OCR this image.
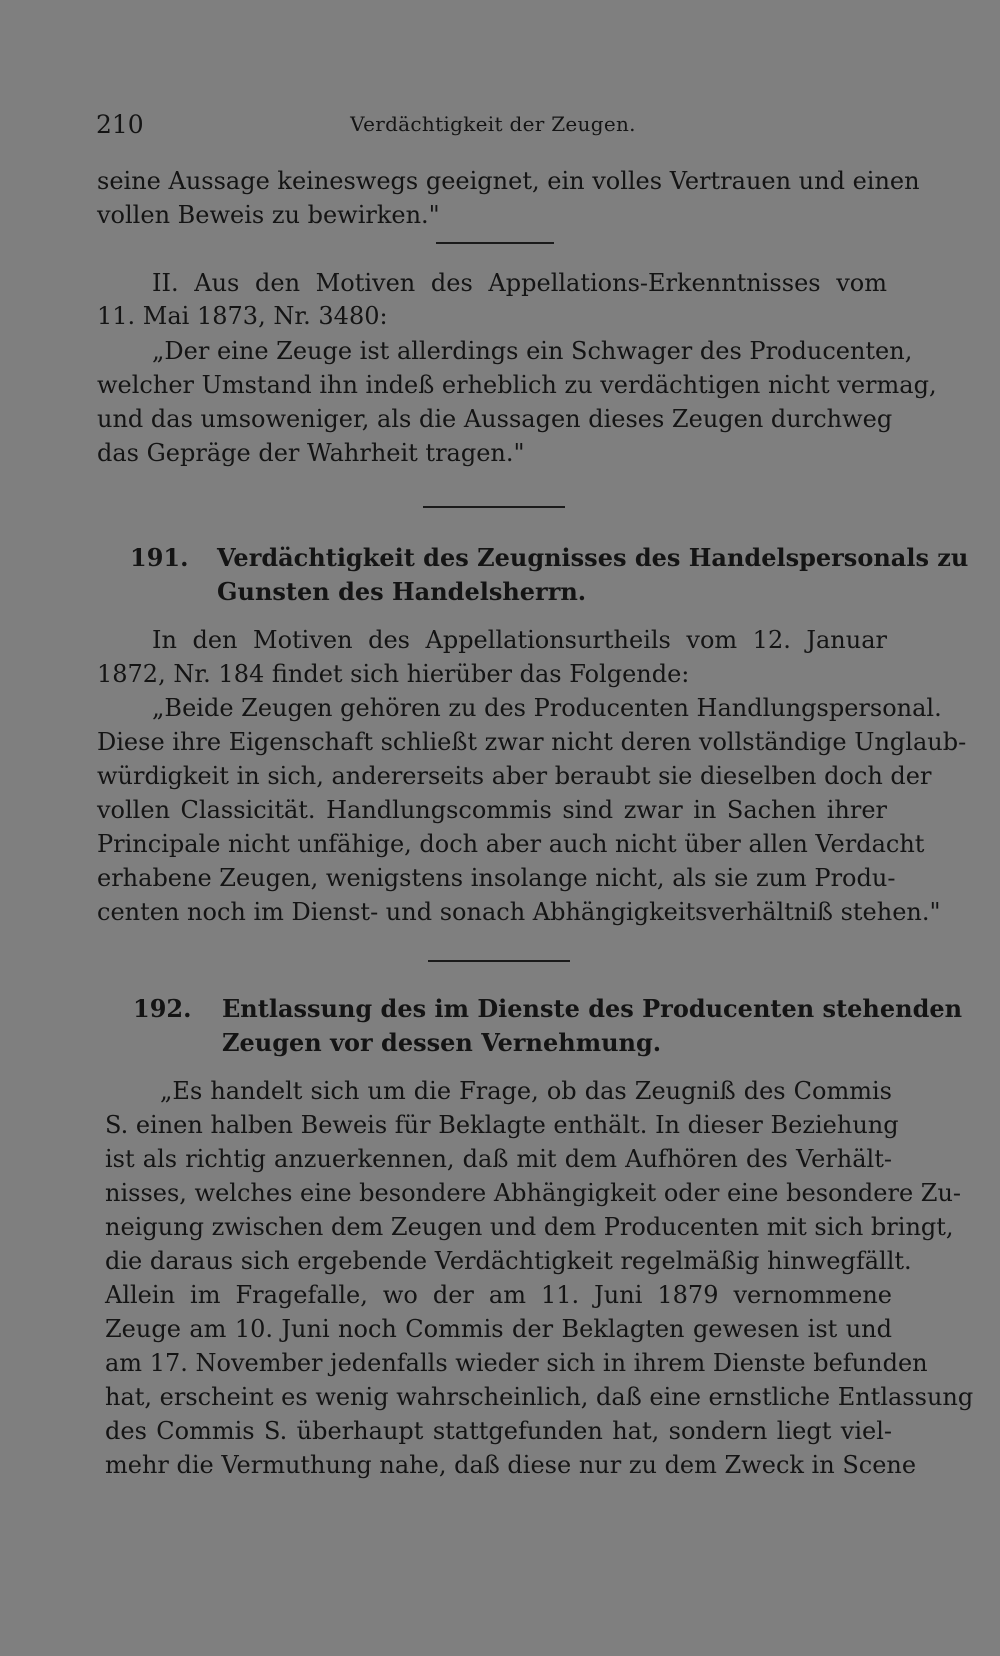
210	Verdächtigkeit der Zeugen.
seine Aussage keineswegs geeignet, ein volles Vertrauen und einen
vollen Beweis zu bewirken."
II. Aus den Motiven des Appellations-Erkenntnisses vom
11. Mai 1873, Nr. 3480:
„Der eine Zeuge ist allerdings ein Schwager des Producenten,
welcher Umstand ihn indeß erheblich zu verdächtigen nicht vermag,
und das umsoweniger, als die Aussagen dieses Zeugen durchweg
das Gepräge der Wahrheit tragen."
191. Verdächtigkeit des Zeugnisses des Handelspersonals zu
Gunsten des Handelsherrn.
In den Motiven des Appellationsurtheils vom 12. Januar
1872, Nr. 184 findet sich hierüber das Folgende:
„Beide Zeugen gehören zu des Producenten Handlungspersonal.
Diese ihre Eigenschaft schließt zwar nicht deren vollständige Unglaub-
würdigkeit in sich, andererseits aber beraubt sie dieselben doch der
vollen Classicität. Handlungscommis sind zwar in Sachen ihrer
Principale nicht unfähige, doch aber auch nicht über allen Verdacht
erhabene Zeugen, wenigstens insolange nicht, als sie zum Produ-
centen noch im Dienst- und sonach Abhängigkeitsverhältniß stehen."
192. Entlassung des im Dienste des Producenten stehenden
Zeugen vor dessen Vernehmung.
„Es handelt sich um die Frage, ob das Zeugniß des Commis
S. einen halben Beweis für Beklagte enthält. In dieser Beziehung
ist als richtig anzuerkennen, daß mit dem Aufhören des Verhält-
nisses, welches eine besondere Abhängigkeit oder eine besondere Zu-
neigung zwischen dem Zeugen und dem Producenten mit sich bringt,
die daraus sich ergebende Verdächtigkeit regelmäßig hinwegfällt.
Allein im Fragefalle, wo der am 11. Juni 1879 vernommene
Zeuge am 10. Juni noch Commis der Beklagten gewesen ist und
am 17. November jedenfalls wieder sich in ihrem Dienste befunden
hat, erscheint es wenig wahrscheinlich, daß eine ernstliche Entlassung
des Commis S. überhaupt stattgefunden hat, sondern liegt viel-
mehr die Vermuthung nahe, daß diese nur zu dem Zweck in Scene
